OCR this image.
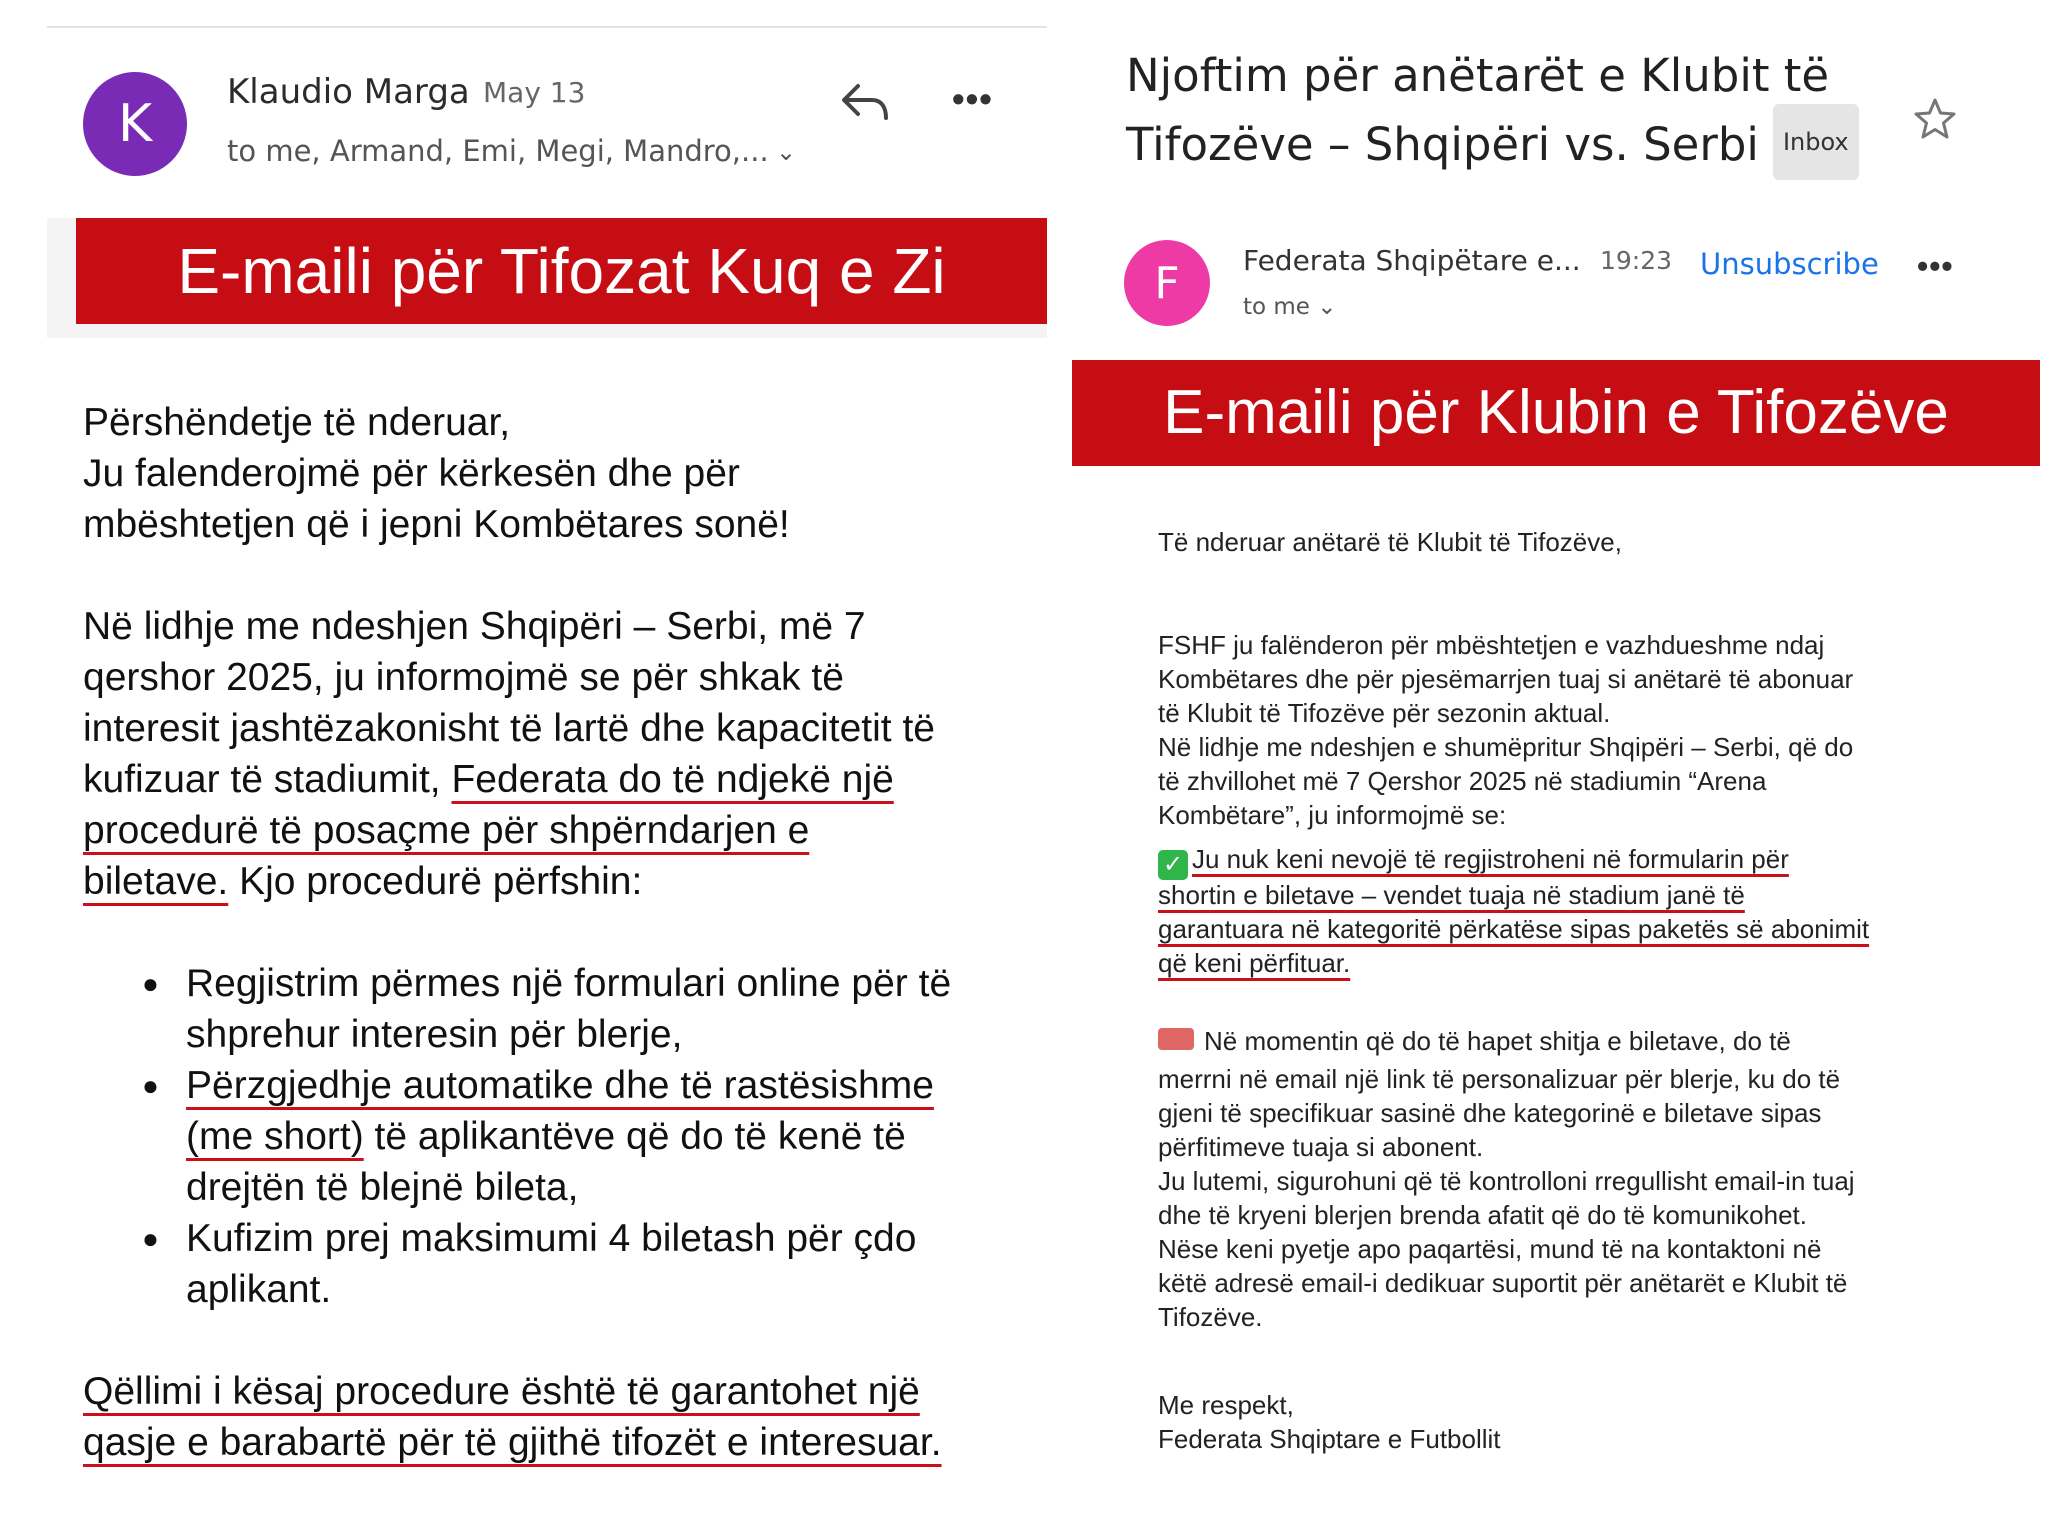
K
Klaudio Marga May 13
to me, Armand, Emi, Megi, Mandro,... ⌄
•••
E-maili për Tifozat Kuq e Zi
Përshëndetje të nderuar,
Ju falenderojmë për kërkesën dhe për
mbështetjen që i jepni Kombëtares sonë!
Në lidhje me ndeshjen Shqipëri – Serbi, më 7
qershor 2025, ju informojmë se për shkak të
interesit jashtëzakonisht të lartë dhe kapacitetit të
kufizuar të stadiumit, Federata do të ndjekë një
procedurë të posaçme për shpërndarjen e
biletave. Kjo procedurë përfshin:
● Regjistrim përmes një formulari online për të
shprehur interesin për blerje,
● Përzgjedhje automatike dhe të rastësishme
(me short) të aplikantëve që do të kenë të
drejtën të blejnë bileta,
● Kufizim prej maksimumi 4 biletash për çdo
aplikant.
Qëllimi i kësaj procedure është të garantohet një
qasje e barabartë për të gjithë tifozët e interesuar.
Njoftim për anëtarët e Klubit të
Tifozëve – Shqipëri vs. Serbi Inbox
F Federata Shqipëtare e... 19:23 Unsubscribe •••
to me ⌄
E-maili për Klubin e Tifozëve
Të nderuar anëtarë të Klubit të Tifozëve,
FSHF ju falënderon për mbështetjen e vazhdueshme ndaj
Kombëtares dhe për pjesëmarrjen tuaj si anëtarë të abonuar
të Klubit të Tifozëve për sezonin aktual.
Në lidhje me ndeshjen e shumëpritur Shqipëri – Serbi, që do
të zhvillohet më 7 Qershor 2025 në stadiumin “Arena
Kombëtare”, ju informojmë se:
✓ Ju nuk keni nevojë të regjistroheni në formularin për
shortin e biletave – vendet tuaja në stadium janë të
garantuara në kategoritë përkatëse sipas paketës së abonimit
që keni përfituar.
Në momentin që do të hapet shitja e biletave, do të
merrni në email një link të personalizuar për blerje, ku do të
gjeni të specifikuar sasinë dhe kategorinë e biletave sipas
përfitimeve tuaja si abonent.
Ju lutemi, sigurohuni që të kontrolloni rregullisht email-in tuaj
dhe të kryeni blerjen brenda afatit që do të komunikohet.
Nëse keni pyetje apo paqartësi, mund të na kontaktoni në
këtë adresë email-i dedikuar suportit për anëtarët e Klubit të
Tifozëve.
Me respekt,
Federata Shqiptare e Futbollit
